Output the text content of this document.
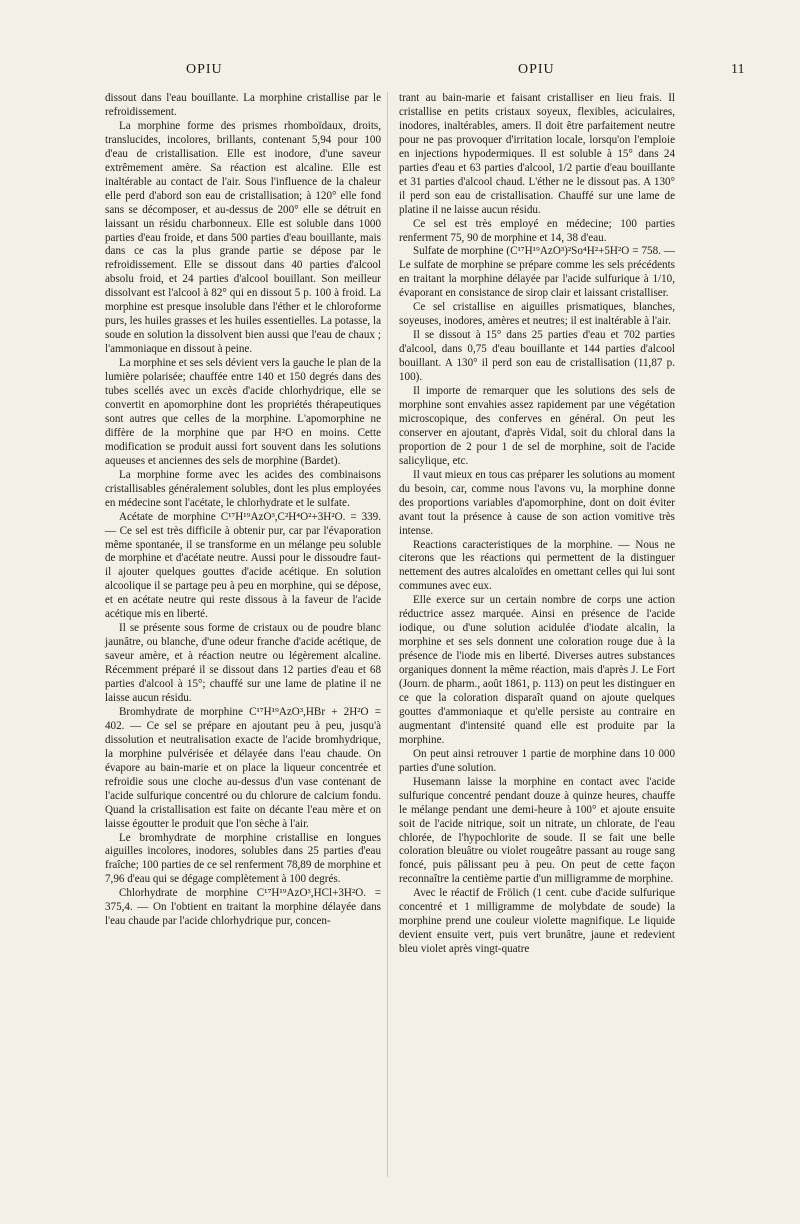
OPIU	OPIU	11

dissout dans l'eau bouillante. La morphine cristallise par le refroidissement.

La morphine forme des prismes rhomboïdaux, droits, translucides, incolores, brillants, contenant 5,94 pour 100 d'eau de cristallisation. Elle est inodore, d'une saveur extrêmement amère. Sa réaction est alcaline. Elle est inaltérable au contact de l'air. Sous l'influence de la chaleur elle perd d'abord son eau de cristallisation; à 120° elle fond sans se décomposer, et au-dessus de 200° elle se détruit en laissant un résidu charbonneux. Elle est soluble dans 1000 parties d'eau froide, et dans 500 parties d'eau bouillante, mais dans ce cas la plus grande partie se dépose par le refroidissement. Elle se dissout dans 40 parties d'alcool absolu froid, et 24 parties d'alcool bouillant. Son meilleur dissolvant est l'alcool à 82° qui en dissout 5 p. 100 à froid. La morphine est presque insoluble dans l'éther et le chloroforme purs, les huiles grasses et les huiles essentielles. La potasse, la soude en solution la dissolvent bien aussi que l'eau de chaux ; l'ammoniaque en dissout à peine.

La morphine et ses sels dévient vers la gauche le plan de la lumière polarisée; chauffée entre 140 et 150 degrés dans des tubes scellés avec un excès d'acide chlorhydrique, elle se convertit en apomorphine dont les propriétés thérapeutiques sont autres que celles de la morphine. L'apomorphine ne diffère de la morphine que par H²O en moins. Cette modification se produit aussi fort souvent dans les solutions aqueuses et anciennes des sels de morphine (Bardet).

La morphine forme avec les acides des combinaisons cristallisables généralement solubles, dont les plus employées en médecine sont l'acétate, le chlorhydrate et le sulfate.

Acétate de morphine C¹⁷H¹⁹AzO³,C²H⁴O²+3H²O. = 339. — Ce sel est très difficile à obtenir pur, car par l'évaporation même spontanée, il se transforme en un mélange peu soluble de morphine et d'acétate neutre. Aussi pour le dissoudre faut-il ajouter quelques gouttes d'acide acétique. En solution alcoolique il se partage peu à peu en morphine, qui se dépose, et en acétate neutre qui reste dissous à la faveur de l'acide acétique mis en liberté.

Il se présente sous forme de cristaux ou de poudre blanc jaunâtre, ou blanche, d'une odeur franche d'acide acétique, de saveur amère, et à réaction neutre ou légèrement alcaline. Récemment préparé il se dissout dans 12 parties d'eau et 68 parties d'alcool à 15°; chauffé sur une lame de platine il ne laisse aucun résidu.

Bromhydrate de morphine C¹⁷H¹⁹AzO³,HBr + 2H²O = 402. — Ce sel se prépare en ajoutant peu à peu, jusqu'à dissolution et neutralisation exacte de l'acide bromhydrique, la morphine pulvérisée et délayée dans l'eau chaude. On évapore au bain-marie et on place la liqueur concentrée et refroidie sous une cloche au-dessus d'un vase contenant de l'acide sulfurique concentré ou du chlorure de calcium fondu. Quand la cristallisation est faite on décante l'eau mère et on laisse égoutter le produit que l'on sèche à l'air.

Le bromhydrate de morphine cristallise en longues aiguilles incolores, inodores, solubles dans 25 parties d'eau fraîche; 100 parties de ce sel renferment 78,89 de morphine et 7,96 d'eau qui se dégage complètement à 100 degrés.

Chlorhydrate de morphine C¹⁷H¹⁹AzO³,HCl+3H²O. = 375,4. — On l'obtient en traitant la morphine délayée dans l'eau chaude par l'acide chlorhydrique pur, concen-

trant au bain-marie et faisant cristalliser en lieu frais. Il cristallise en petits cristaux soyeux, flexibles, aciculaires, inodores, inaltérables, amers. Il doit être parfaitement neutre pour ne pas provoquer d'irritation locale, lorsqu'on l'emploie en injections hypodermiques. Il est soluble à 15° dans 24 parties d'eau et 63 parties d'alcool, 1/2 partie d'eau bouillante et 31 parties d'alcool chaud. L'éther ne le dissout pas. A 130° il perd son eau de cristallisation. Chauffé sur une lame de platine il ne laisse aucun résidu.

Ce sel est très employé en médecine; 100 parties renferment 75, 90 de morphine et 14, 38 d'eau.

Sulfate de morphine (C¹⁷H¹⁹AzO³)²So⁴H²+5H²O = 758. — Le sulfate de morphine se prépare comme les sels précédents en traitant la morphine délayée par l'acide sulfurique à 1/10, évaporant en consistance de sirop clair et laissant cristalliser.

Ce sel cristallise en aiguilles prismatiques, blanches, soyeuses, inodores, amères et neutres; il est inaltérable à l'air.

Il se dissout à 15° dans 25 parties d'eau et 702 parties d'alcool, dans 0,75 d'eau bouillante et 144 parties d'alcool bouillant. A 130° il perd son eau de cristallisation (11,87 p. 100).

Il importe de remarquer que les solutions des sels de morphine sont envahies assez rapidement par une végétation microscopique, des conferves en général. On peut les conserver en ajoutant, d'après Vidal, soit du chloral dans la proportion de 2 pour 1 de sel de morphine, soit de l'acide salicylique, etc.

Il vaut mieux en tous cas préparer les solutions au moment du besoin, car, comme nous l'avons vu, la morphine donne des proportions variables d'apomorphine, dont on doit éviter avant tout la présence à cause de son action vomitive très intense.

Reactions caracteristiques de la morphine. — Nous ne citerons que les réactions qui permettent de la distinguer nettement des autres alcaloïdes en omettant celles qui lui sont communes avec eux.

Elle exerce sur un certain nombre de corps une action réductrice assez marquée. Ainsi en présence de l'acide iodique, ou d'une solution acidulée d'iodate alcalin, la morphine et ses sels donnent une coloration rouge due à la présence de l'iode mis en liberté. Diverses autres substances organiques donnent la même réaction, mais d'après J. Le Fort (Journ. de pharm., août 1861, p. 113) on peut les distinguer en ce que la coloration disparaît quand on ajoute quelques gouttes d'ammoniaque et qu'elle persiste au contraire en augmentant d'intensité quand elle est produite par la morphine.

On peut ainsi retrouver 1 partie de morphine dans 10 000 parties d'une solution.

Husemann laisse la morphine en contact avec l'acide sulfurique concentré pendant douze à quinze heures, chauffe le mélange pendant une demi-heure à 100° et ajoute ensuite soit de l'acide nitrique, soit un nitrate, un chlorate, de l'eau chlorée, de l'hypochlorite de soude. Il se fait une belle coloration bleuâtre ou violet rougeâtre passant au rouge sang foncé, puis pâlissant peu à peu. On peut de cette façon reconnaître la centième partie d'un milligramme de morphine.

Avec le réactif de Frölich (1 cent. cube d'acide sulfurique concentré et 1 milligramme de molybdate de soude) la morphine prend une couleur violette magnifique. Le liquide devient ensuite vert, puis vert brunâtre, jaune et redevient bleu violet après vingt-quatre
